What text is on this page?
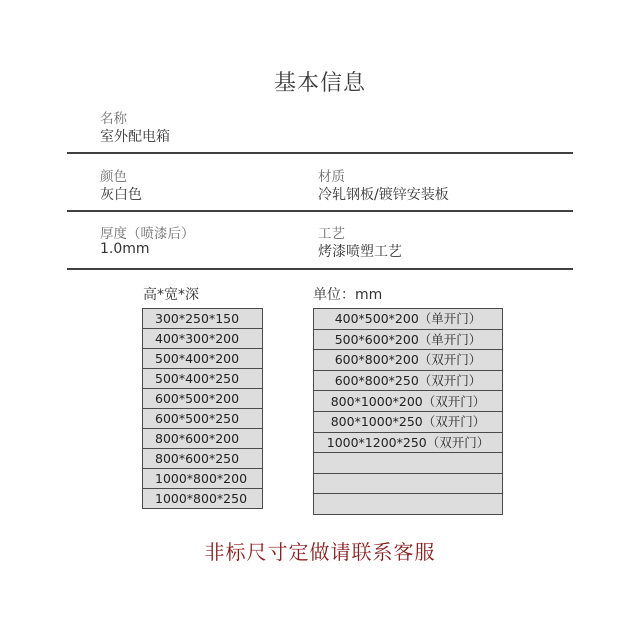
基本信息
名称
室外配电箱
颜色
灰白色
材质
冷轧钢板/镀锌安装板
厚度（喷漆后）
1.0mm
工艺
烤漆喷塑工艺
高*宽*深	单位：mm
300*250*150
400*300*200
500*400*200
500*400*250
600*500*200
600*500*250
800*600*200
800*600*250
1000*800*200
1000*800*250
400*500*200（单开门）
500*600*200（单开门）
600*800*200（双开门）
600*800*250（双开门）
800*1000*200（双开门）
800*1000*250（双开门）
1000*1200*250（双开门）

非标尺寸定做请联系客服
